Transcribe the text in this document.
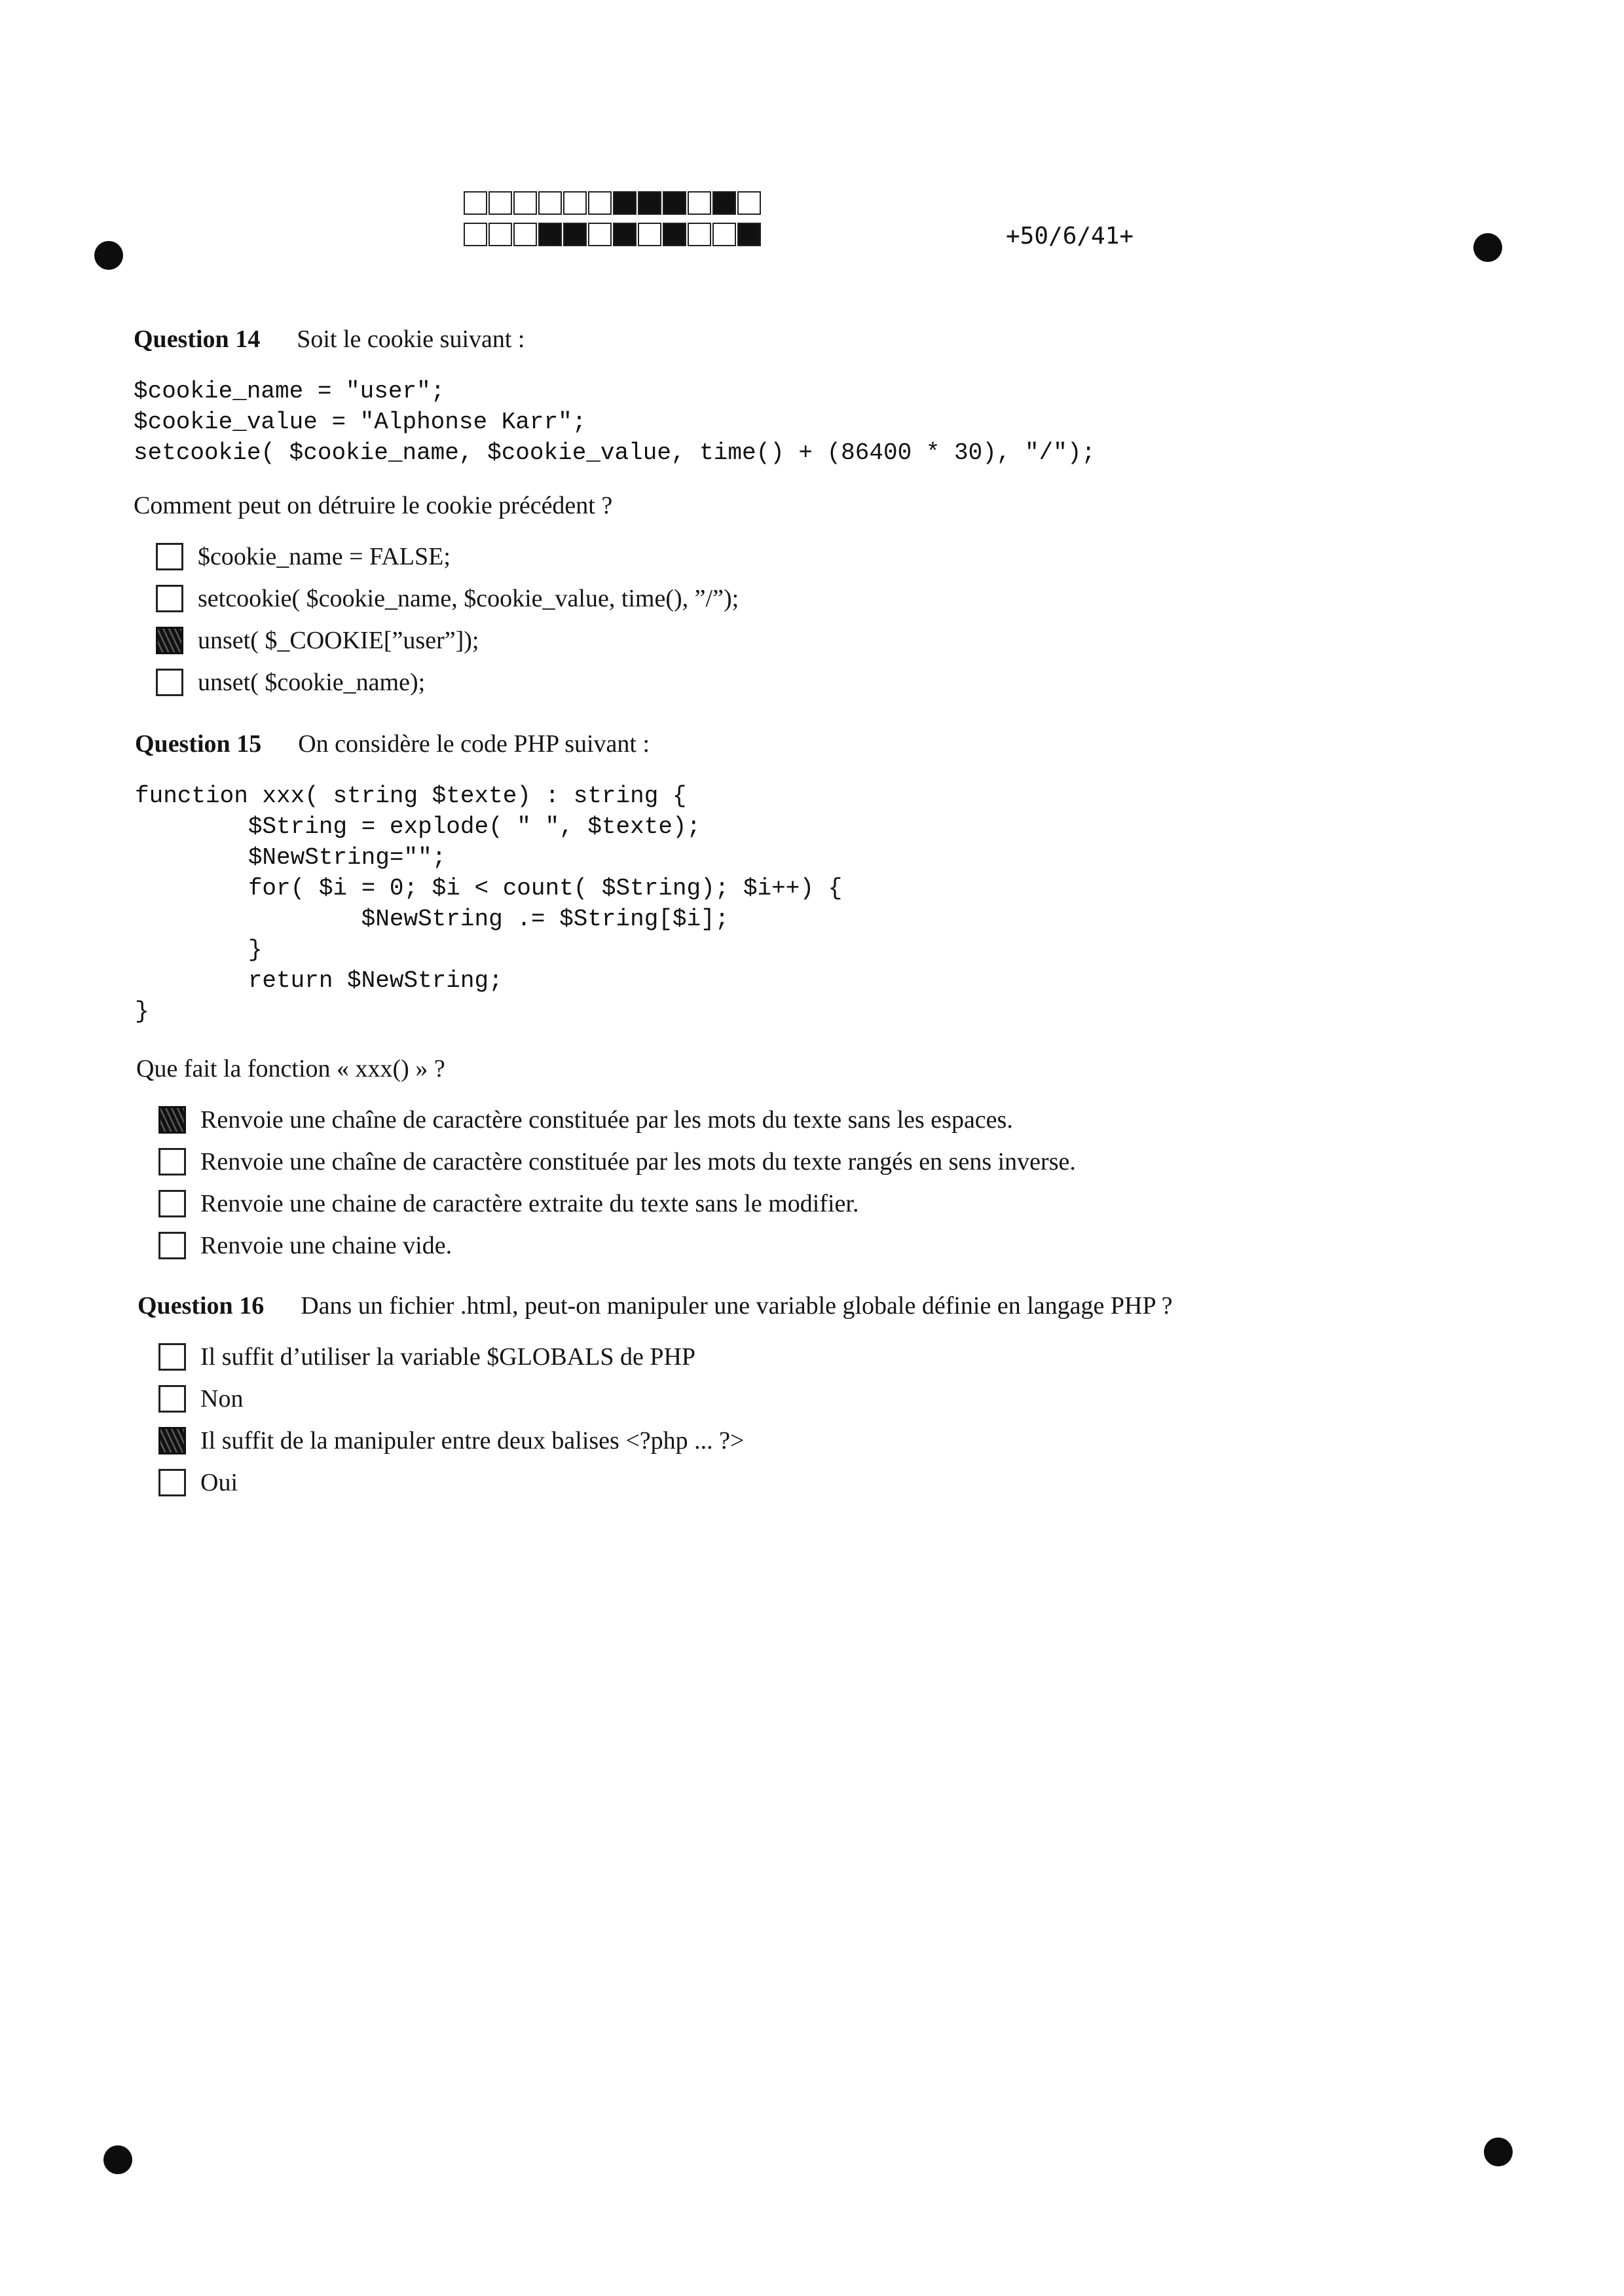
+50/6/41+
Question 14 Soit le cookie suivant :
$cookie_name = "user";
$cookie_value = "Alphonse Karr";
setcookie( $cookie_name, $cookie_value, time() + (86400 * 30), "/");
Comment peut on détruire le cookie précédent ?
$cookie_name = FALSE;
setcookie( $cookie_name, $cookie_value, time(), ”/”);
unset( $_COOKIE[”user”]);
unset( $cookie_name);
Question 15 On considère le code PHP suivant :
function xxx( string $texte) : string {
$String = explode( " ", $texte);
$NewString="";
for( $i = 0; $i < count( $String); $i++) {
$NewString .= $String[$i];
}
return $NewString;
}
Que fait la fonction « xxx() » ?
Renvoie une chaîne de caractère constituée par les mots du texte sans les espaces.
Renvoie une chaîne de caractère constituée par les mots du texte rangés en sens inverse.
Renvoie une chaine de caractère extraite du texte sans le modifier.
Renvoie une chaine vide.
Question 16 Dans un fichier .html, peut-on manipuler une variable globale définie en langage PHP ?
Il suffit d’utiliser la variable $GLOBALS de PHP
Non
Il suffit de la manipuler entre deux balises <?php ... ?>
Oui
